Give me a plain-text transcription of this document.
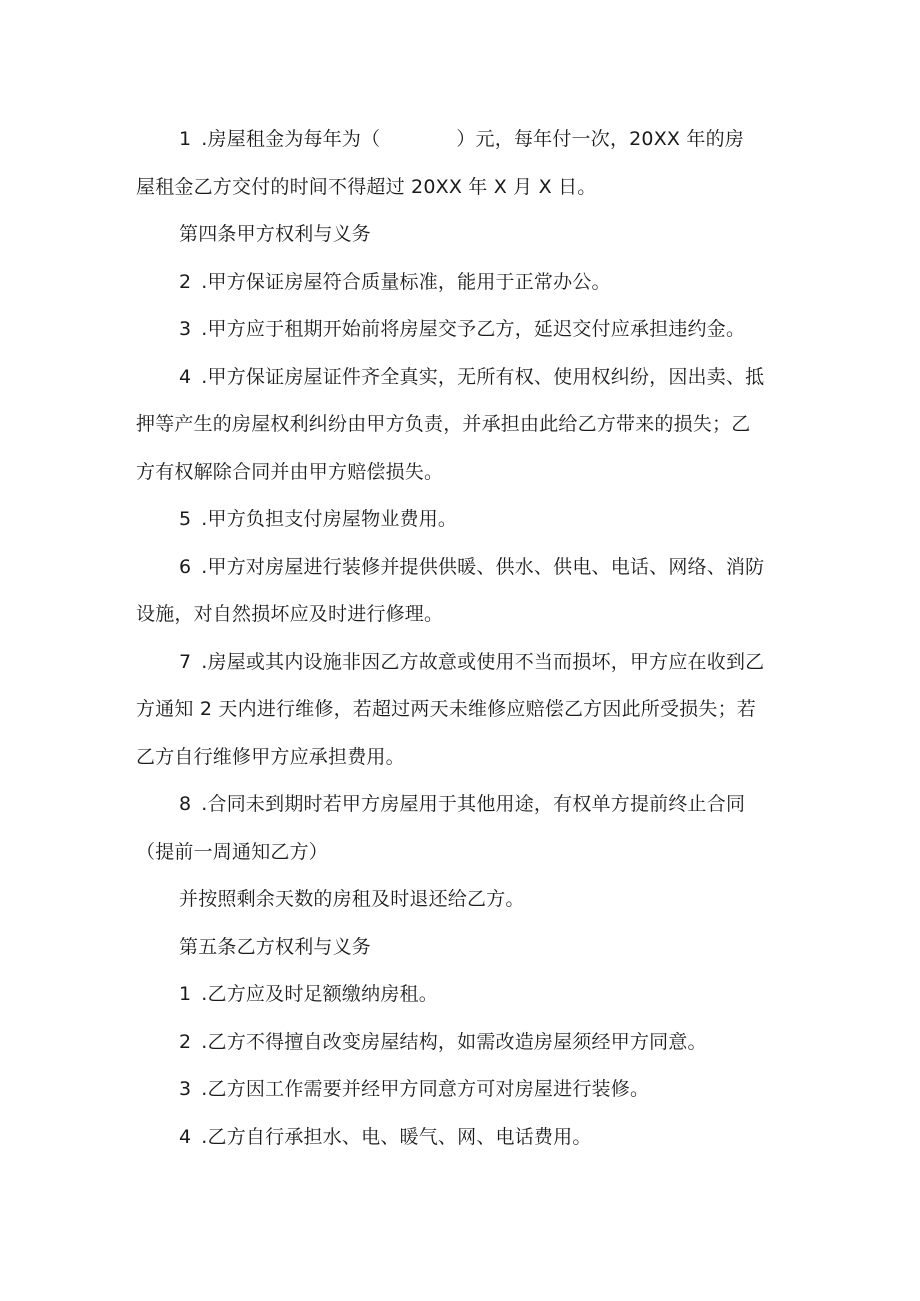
1 .房屋租金为每年为（	）元，每年付一次，20XX 年的房
屋租金乙方交付的时间不得超过 20XX 年 X 月 X 日。
第四条甲方权利与义务
2 .甲方保证房屋符合质量标准，能用于正常办公。
3 .甲方应于租期开始前将房屋交予乙方，延迟交付应承担违约金。
4 .甲方保证房屋证件齐全真实，无所有权、使用权纠纷，因出卖、抵
押等产生的房屋权利纠纷由甲方负责，并承担由此给乙方带来的损失；乙
方有权解除合同并由甲方赔偿损失。
5 .甲方负担支付房屋物业费用。
6 .甲方对房屋进行装修并提供供暖、供水、供电、电话、网络、消防
设施，对自然损坏应及时进行修理。
7 .房屋或其内设施非因乙方故意或使用不当而损坏，甲方应在收到乙
方通知 2 天内进行维修，若超过两天未维修应赔偿乙方因此所受损失；若
乙方自行维修甲方应承担费用。
8 .合同未到期时若甲方房屋用于其他用途，有权单方提前终止合同
（提前一周通知乙方）
并按照剩余天数的房租及时退还给乙方。
第五条乙方权利与义务
1 .乙方应及时足额缴纳房租。
2 .乙方不得擅自改变房屋结构，如需改造房屋须经甲方同意。
3 .乙方因工作需要并经甲方同意方可对房屋进行装修。
4 .乙方自行承担水、电、暖气、网、电话费用。
